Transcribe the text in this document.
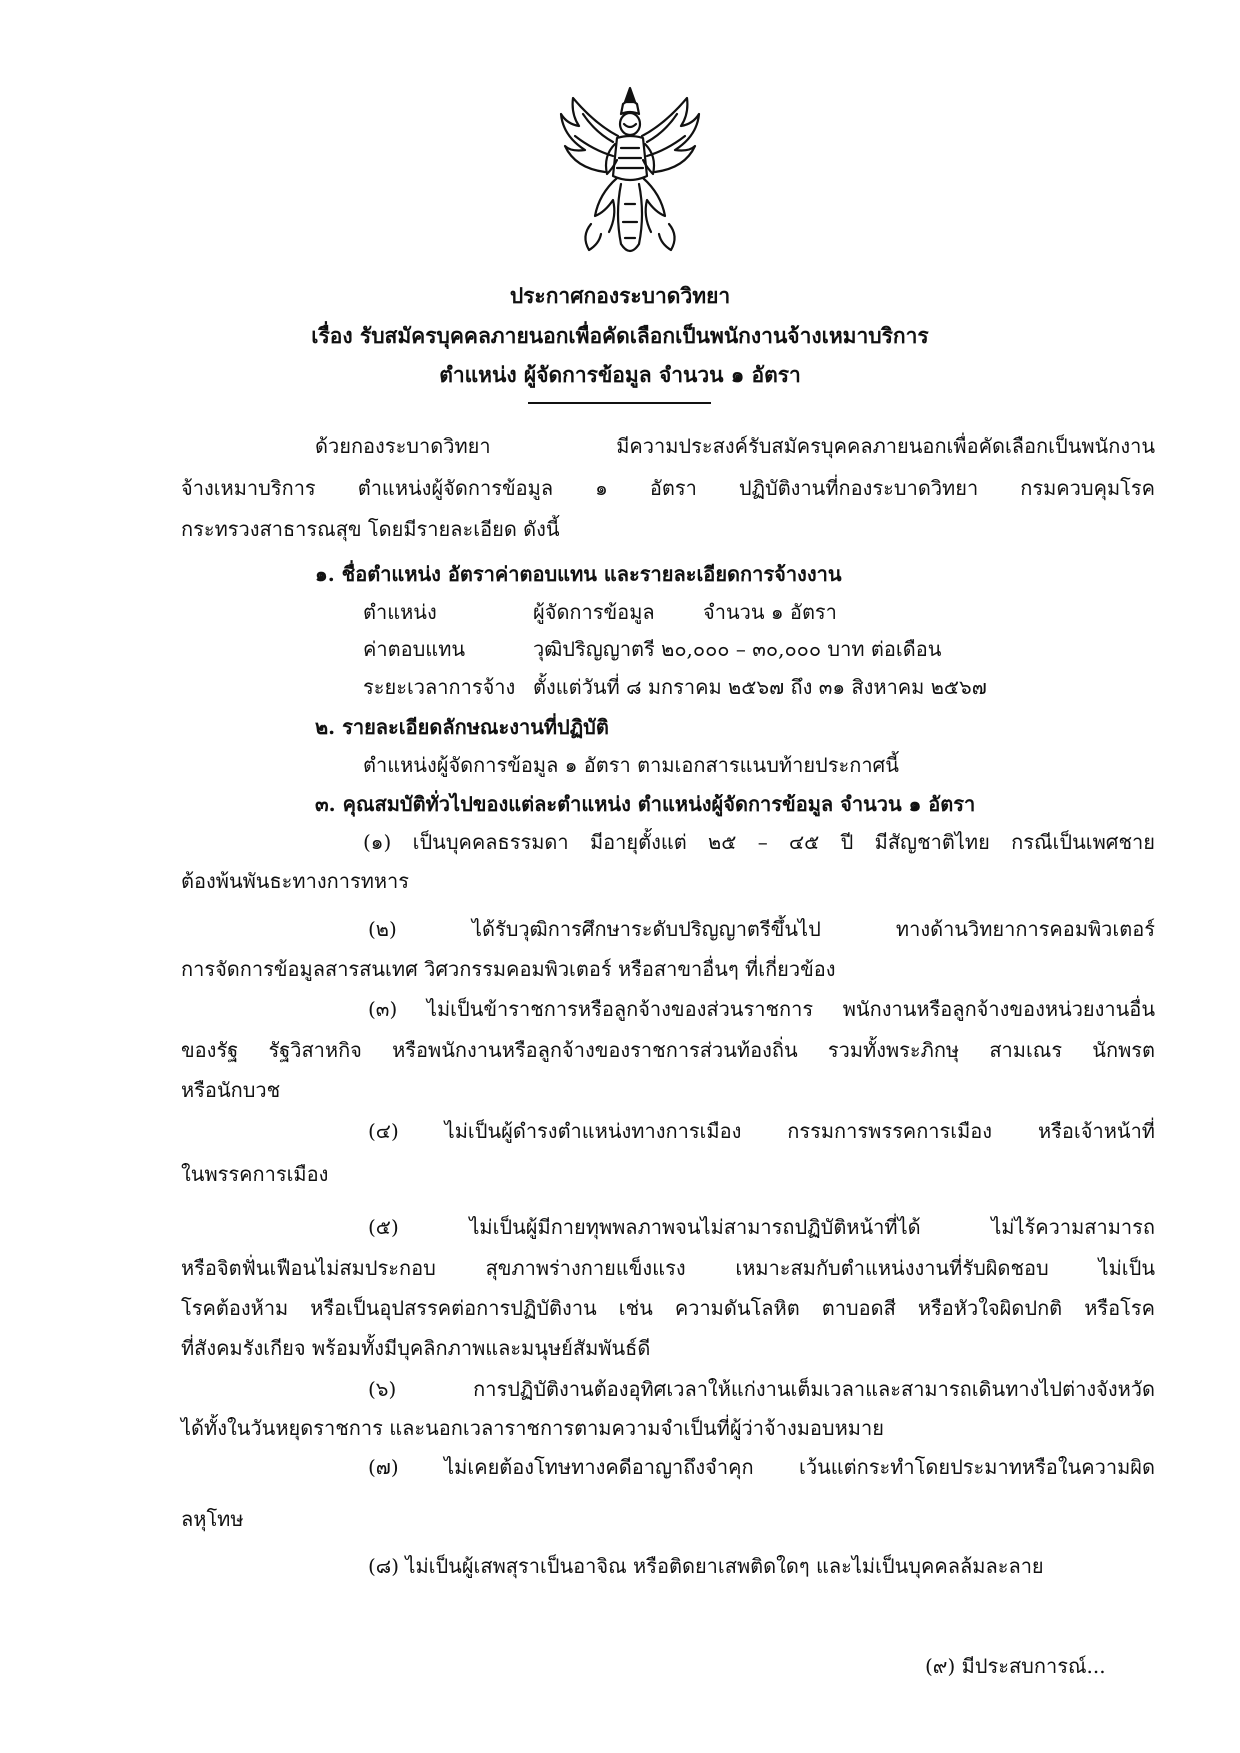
ประกาศกองระบาดวิทยา
เรื่อง รับสมัครบุคคลภายนอกเพื่อคัดเลือกเป็นพนักงานจ้างเหมาบริการ
ตำแหน่ง ผู้จัดการข้อมูล จำนวน ๑ อัตรา
ด้วยกองระบาดวิทยา มีความประสงค์รับสมัครบุคคลภายนอกเพื่อคัดเลือกเป็นพนักงาน
จ้างเหมาบริการ ตำแหน่งผู้จัดการข้อมูล ๑ อัตรา ปฏิบัติงานที่กองระบาดวิทยา กรมควบคุมโรค
กระทรวงสาธารณสุข โดยมีรายละเอียด ดังนี้
๑. ชื่อตำแหน่ง อัตราค่าตอบแทน และรายละเอียดการจ้างงาน
ตำแหน่ง	ผู้จัดการข้อมูล จำนวน ๑ อัตรา
ค่าตอบแทน	วุฒิปริญญาตรี ๒๐,๐๐๐ – ๓๐,๐๐๐ บาท ต่อเดือน
ระยะเวลาการจ้าง ตั้งแต่วันที่ ๘ มกราคม ๒๕๖๗ ถึง ๓๑ สิงหาคม ๒๕๖๗
๒. รายละเอียดลักษณะงานที่ปฏิบัติ
ตำแหน่งผู้จัดการข้อมูล ๑ อัตรา ตามเอกสารแนบท้ายประกาศนี้
๓. คุณสมบัติทั่วไปของแต่ละตำแหน่ง ตำแหน่งผู้จัดการข้อมูล จำนวน ๑ อัตรา
(๑) เป็นบุคคลธรรมดา มีอายุตั้งแต่ ๒๕ – ๔๕ ปี มีสัญชาติไทย กรณีเป็นเพศชาย
ต้องพ้นพันธะทางการทหาร
(๒) ได้รับวุฒิการศึกษาระดับปริญญาตรีขึ้นไป ทางด้านวิทยาการคอมพิวเตอร์
การจัดการข้อมูลสารสนเทศ วิศวกรรมคอมพิวเตอร์ หรือสาขาอื่นๆ ที่เกี่ยวข้อง
(๓) ไม่เป็นข้าราชการหรือลูกจ้างของส่วนราชการ พนักงานหรือลูกจ้างของหน่วยงานอื่น
ของรัฐ รัฐวิสาหกิจ หรือพนักงานหรือลูกจ้างของราชการส่วนท้องถิ่น รวมทั้งพระภิกษุ สามเณร นักพรต
หรือนักบวช
(๔) ไม่เป็นผู้ดำรงตำแหน่งทางการเมือง กรรมการพรรคการเมือง หรือเจ้าหน้าที่
ในพรรคการเมือง
(๕) ไม่เป็นผู้มีกายทุพพลภาพจนไม่สามารถปฏิบัติหน้าที่ได้ ไม่ไร้ความสามารถ
หรือจิตฟั่นเฟือนไม่สมประกอบ สุขภาพร่างกายแข็งแรง เหมาะสมกับตำแหน่งงานที่รับผิดชอบ ไม่เป็น
โรคต้องห้าม หรือเป็นอุปสรรคต่อการปฏิบัติงาน เช่น ความดันโลหิต ตาบอดสี หรือหัวใจผิดปกติ หรือโรค
ที่สังคมรังเกียจ พร้อมทั้งมีบุคลิกภาพและมนุษย์สัมพันธ์ดี
(๖) การปฏิบัติงานต้องอุทิศเวลาให้แก่งานเต็มเวลาและสามารถเดินทางไปต่างจังหวัด
ได้ทั้งในวันหยุดราชการ และนอกเวลาราชการตามความจำเป็นที่ผู้ว่าจ้างมอบหมาย
(๗) ไม่เคยต้องโทษทางคดีอาญาถึงจำคุก เว้นแต่กระทำโดยประมาทหรือในความผิด
ลหุโทษ
(๘) ไม่เป็นผู้เสพสุราเป็นอาจิณ หรือติดยาเสพติดใดๆ และไม่เป็นบุคคลล้มละลาย
(๙) มีประสบการณ์...
